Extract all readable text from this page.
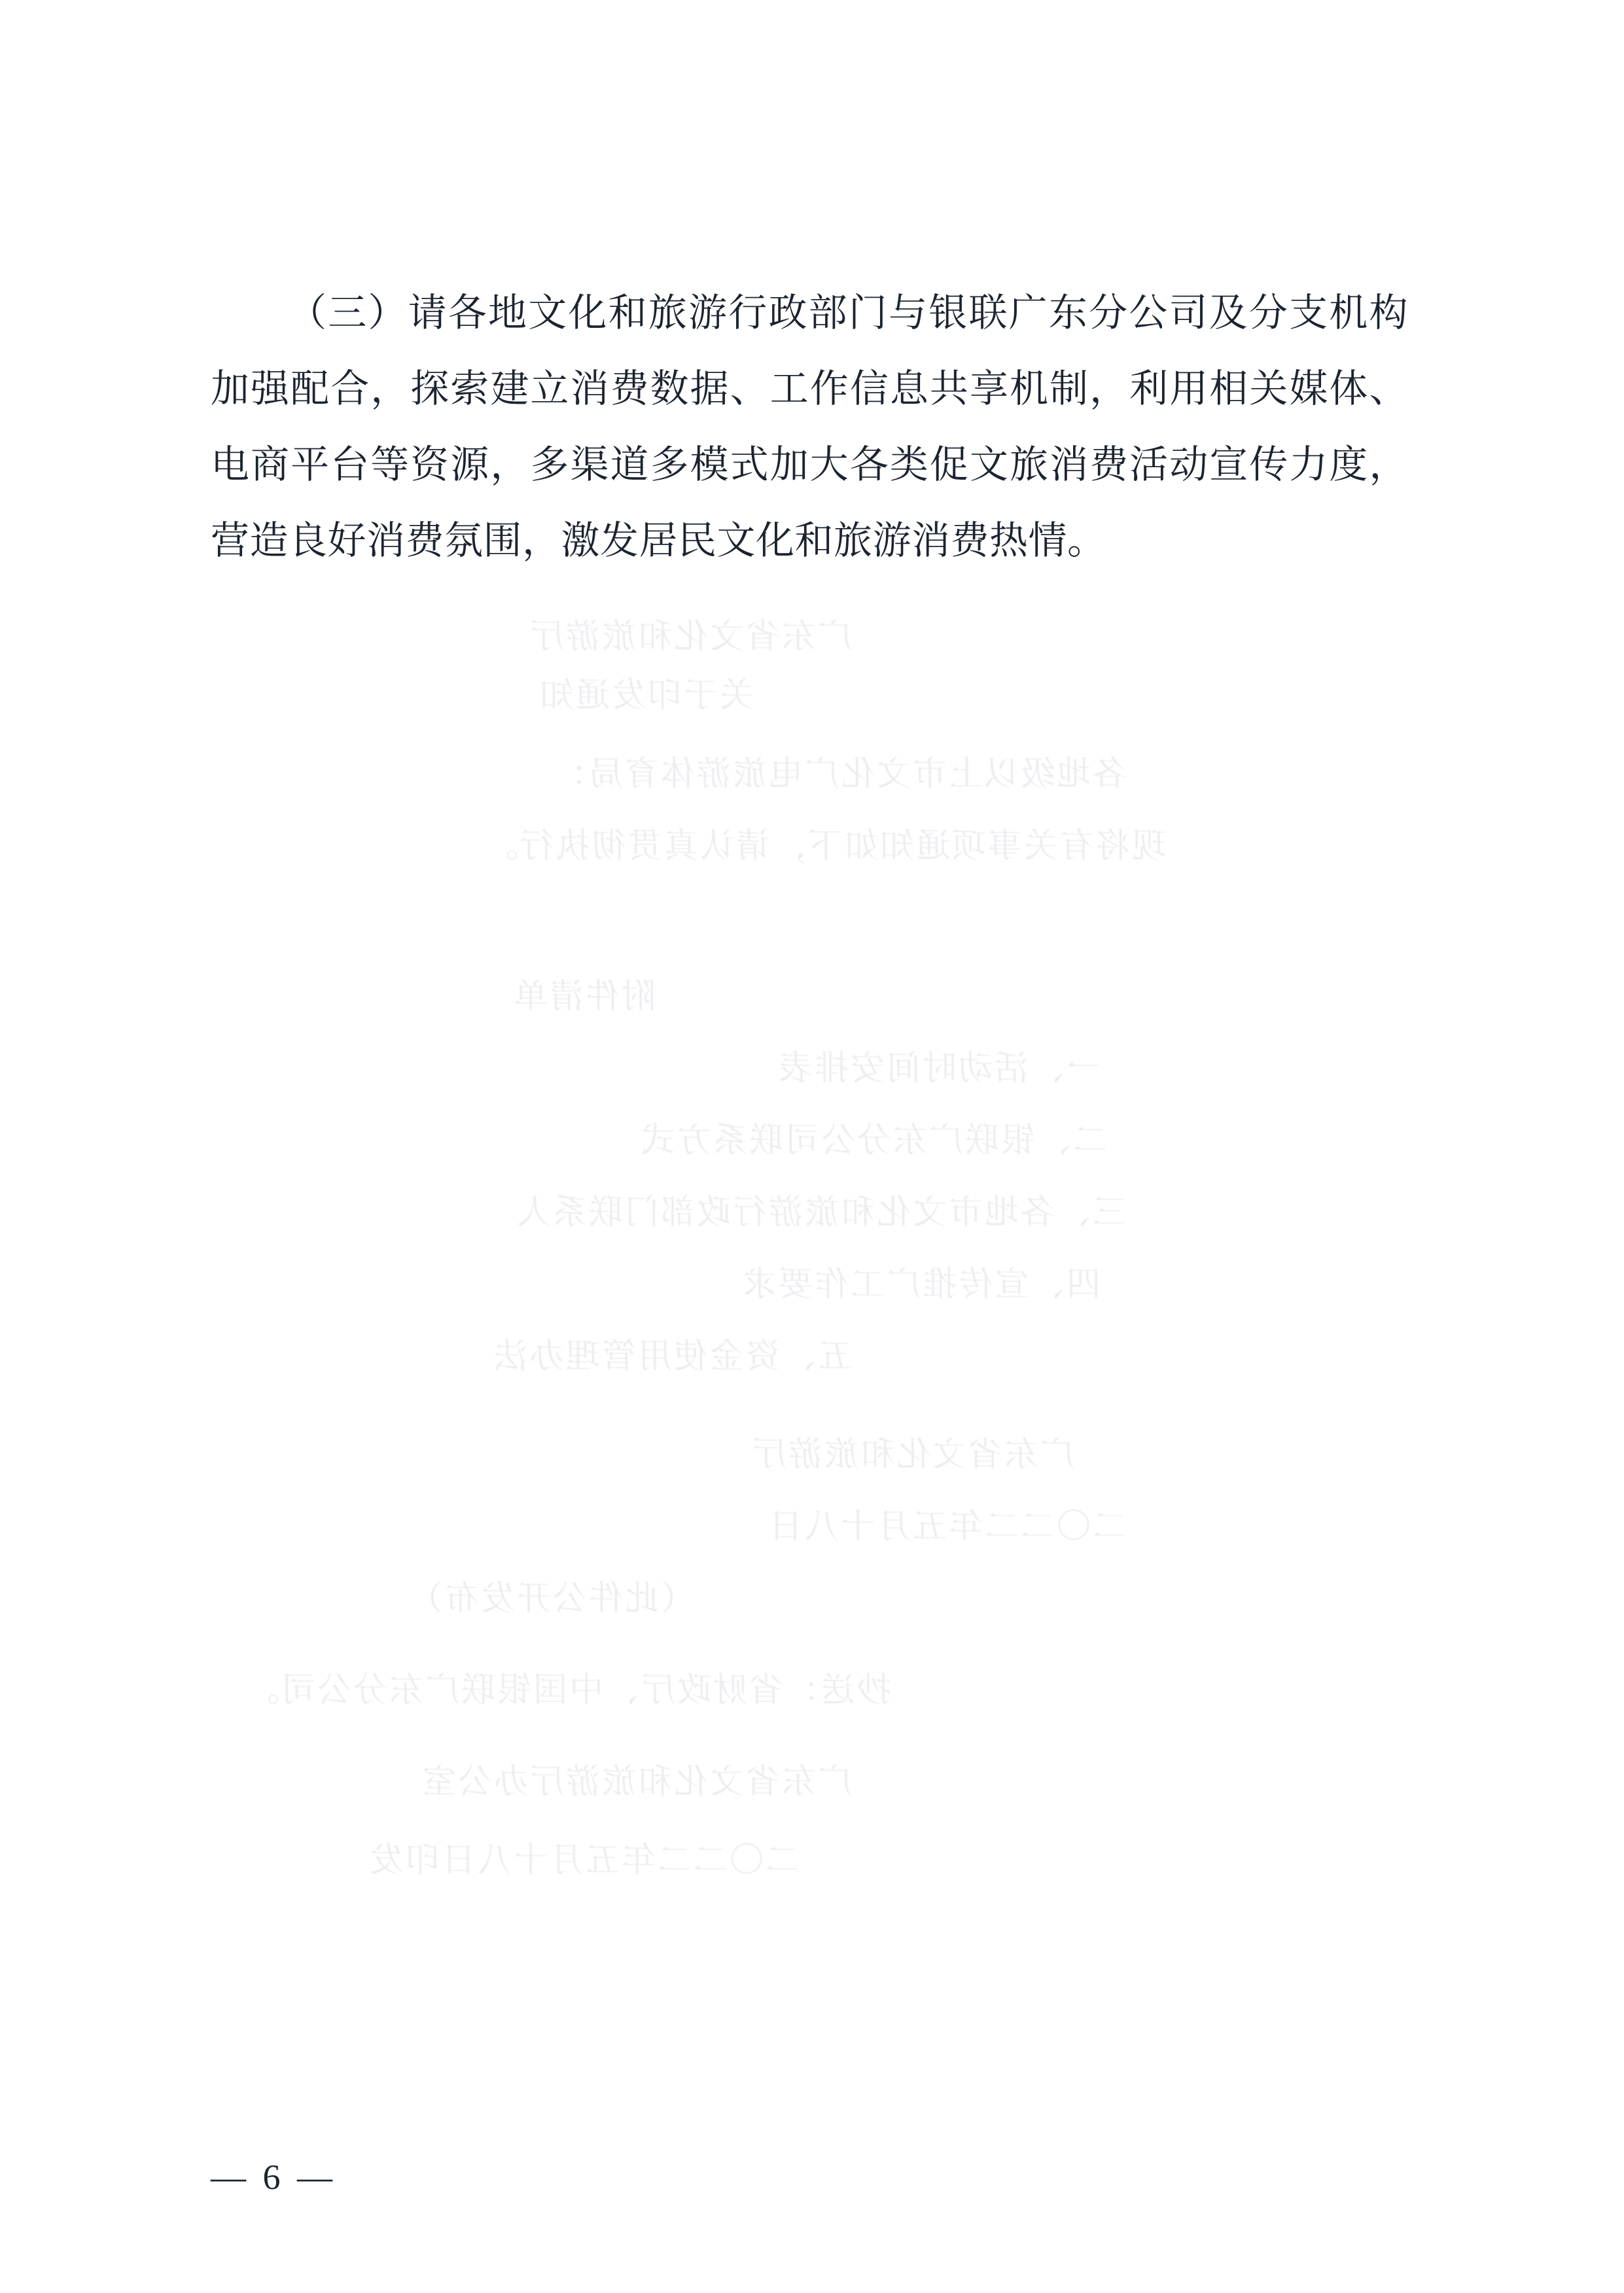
广东省文化和旅游厅
关于印发通知
各地级以上市文化广电旅游体育局：
现将有关事项通知如下，请认真贯彻执行。
附件清单
一、活动时间安排表
二、银联广东分公司联系方式
三、各地市文化和旅游行政部门联系人
四、宣传推广工作要求
五、资金使用管理办法
广东省文化和旅游厅
二〇二二年五月十八日
（此件公开发布）
抄送：省财政厅、中国银联广东分公司。
广东省文化和旅游厅办公室
二〇二二年五月十八日印发

（三）请各地文化和旅游行政部门与银联广东分公司及分支机构加强配合，探索建立消费数据、工作信息共享机制，利用相关媒体、电商平台等资源，多渠道多模式加大各类促文旅消费活动宣传力度，营造良好消费氛围，激发居民文化和旅游消费热情。

— 6 —
